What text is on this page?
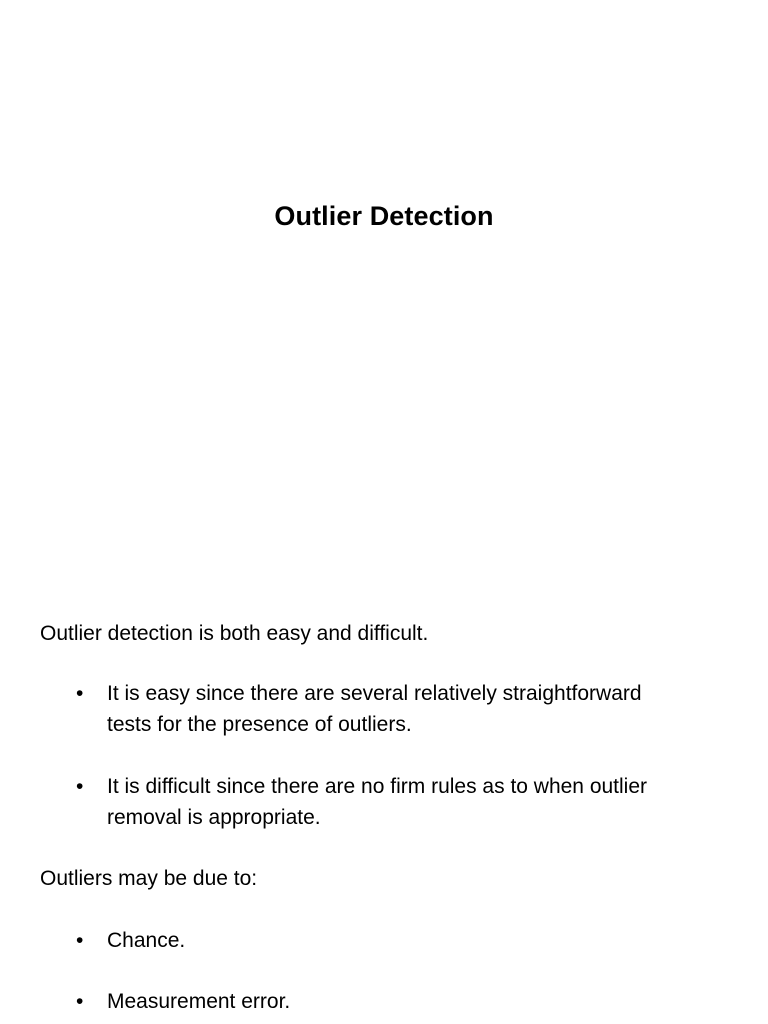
Outlier Detection
Outlier detection is both easy and difficult.
•	It is easy since there are several relatively straightforward
tests for the presence of outliers.
•	It is difficult since there are no firm rules as to when outlier
removal is appropriate.
Outliers may be due to:
•	Chance.
•	Measurement error.
